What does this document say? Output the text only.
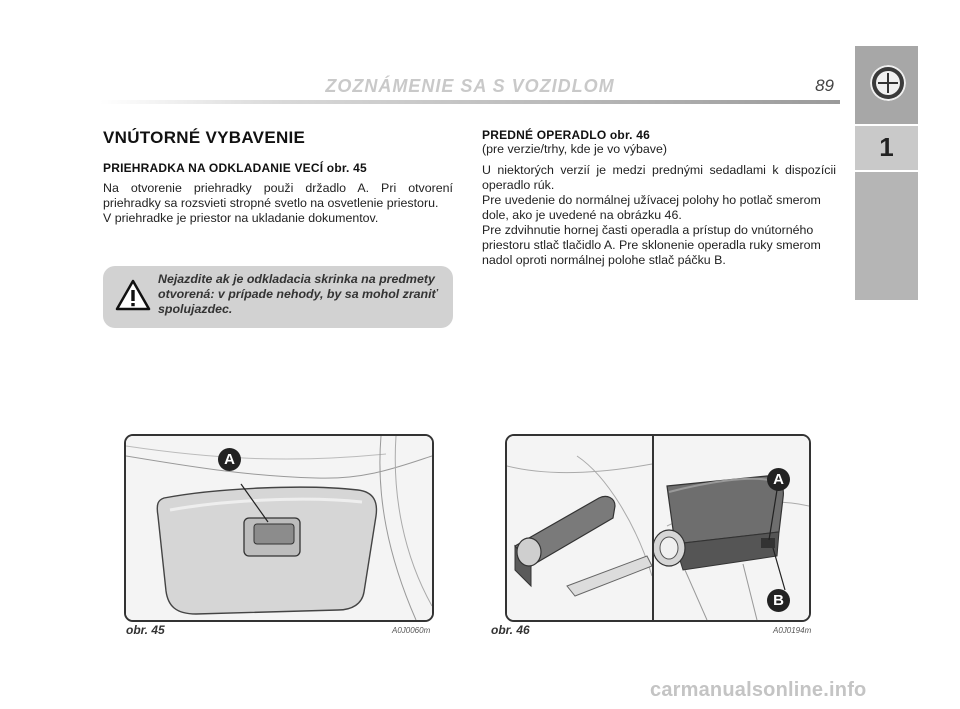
ZOZNÁMENIE SA S VOZIDLOM	89
1
VNÚTORNÉ VYBAVENIE
PRIEHRADKA NA ODKLADANIE VECÍ obr. 45

Na otvorenie priehradky použi držadlo A. Pri otvorení priehradky sa rozsvieti stropné svetlo na osvetlenie priestoru.

V priehradke je priestor na ukladanie dokumentov.

Nejazdite ak je odkladacia skrinka na predmety otvorená: v prípade nehody, by sa mohol zraniť spolujazdec.
PREDNÉ OPERADLO obr. 46

(pre verzie/trhy, kde je vo výbave)

U niektorých verzií je medzi prednými sedadlami k dispozícii operadlo rúk.

Pre uvedenie do normálnej užívacej polohy ho potlač smerom dole, ako je uvedené na obrázku 46.

Pre zdvihnutie hornej časti operadla a prístup do vnútorného priestoru stlač tlačidlo A. Pre sklonenie operadla ruky smerom nadol oproti normálnej polohe stlač páčku B.

A
obr. 45	A0J0060m
A
B
obr. 46	A0J0194m
carmanualsonline.info
